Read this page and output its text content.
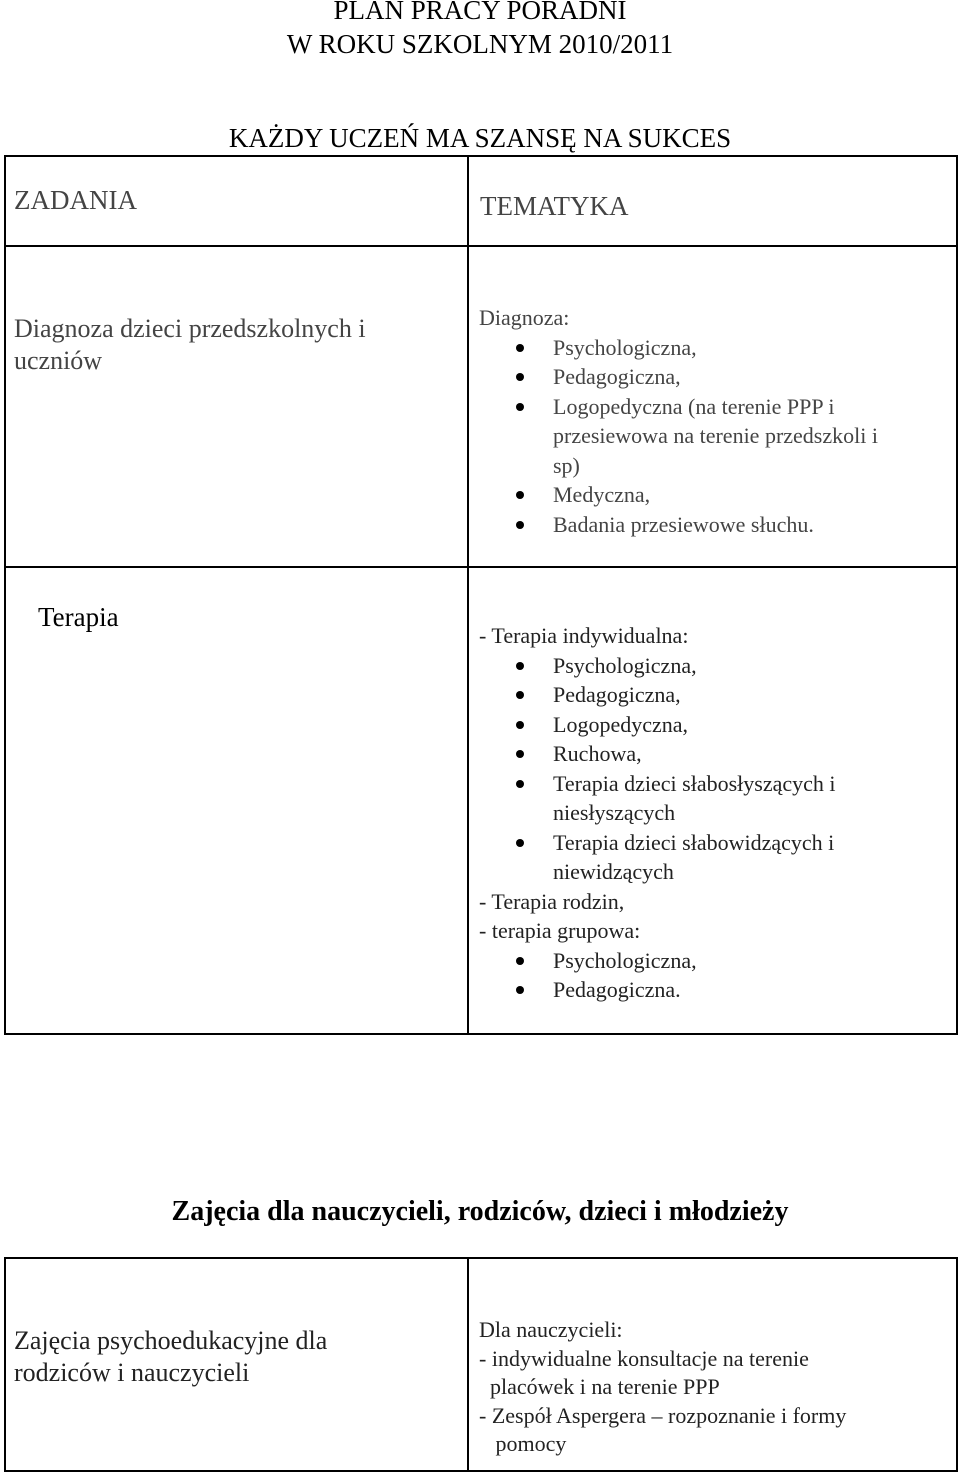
PLAN PRACY PORADNI
W ROKU SZKOLNYM 2010/2011
KAŻDY UCZEŃ MA SZANSĘ NA SUKCES
ZADANIA	TEMATYKA
Diagnoza dzieci przedszkolnych i
uczniów
Diagnoza:
Psychologiczna,
Pedagogiczna,
Logopedyczna (na terenie PPP i
przesiewowa na terenie przedszkoli i
sp)
Medyczna,
Badania przesiewowe słuchu.
Terapia
- Terapia indywidualna:
Psychologiczna,
Pedagogiczna,
Logopedyczna,
Ruchowa,
Terapia dzieci słabosłyszących i
niesłyszących
Terapia dzieci słabowidzących i
niewidzących
- Terapia rodzin,
- terapia grupowa:
Psychologiczna,
Pedagogiczna.
Zajęcia dla nauczycieli, rodziców, dzieci i młodzieży
Zajęcia psychoedukacyjne dla
rodziców i nauczycieli
Dla nauczycieli:
- indywidualne konsultacje na terenie
placówek i na terenie PPP
- Zespół Aspergera – rozpoznanie i formy
pomocy
